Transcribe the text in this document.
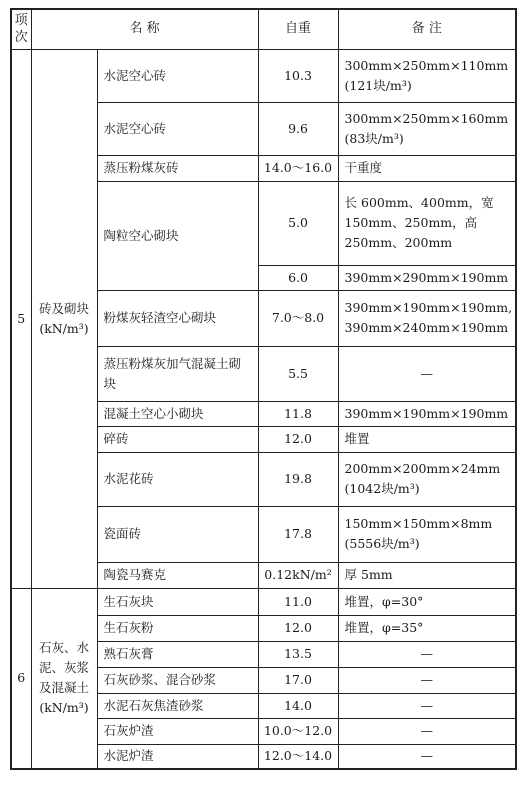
项次	名 称		自重	备 注
5	砖及砌块 (kN/m³)	水泥空心砖	10.3	300mm×250mm×110mm (121块/m³)
		水泥空心砖	9.6	300mm×250mm×160mm (83块/m³)
		蒸压粉煤灰砖	14.0～16.0	干重度
		陶粒空心砌块	5.0	长 600mm、400mm，宽 150mm、250mm，高 250mm、200mm
			6.0	390mm×290mm×190mm
		粉煤灰轻渣空心砌块	7.0～8.0	390mm×190mm×190mm, 390mm×240mm×190mm
		蒸压粉煤灰加气混凝土砌块	5.5	—
		混凝土空心小砌块	11.8	390mm×190mm×190mm
		碎砖	12.0	堆置
		水泥花砖	19.8	200mm×200mm×24mm (1042块/m³)
		瓷面砖	17.8	150mm×150mm×8mm (5556块/m³)
		陶瓷马赛克	0.12kN/m²	厚 5mm
6	石灰、水泥、灰浆及混凝土 (kN/m³)	生石灰块	11.0	堆置，φ=30°
		生石灰粉	12.0	堆置，φ=35°
		熟石灰膏	13.5	—
		石灰砂浆、混合砂浆	17.0	—
		水泥石灰焦渣砂浆	14.0	—
		石灰炉渣	10.0～12.0	—
		水泥炉渣	12.0～14.0	—
